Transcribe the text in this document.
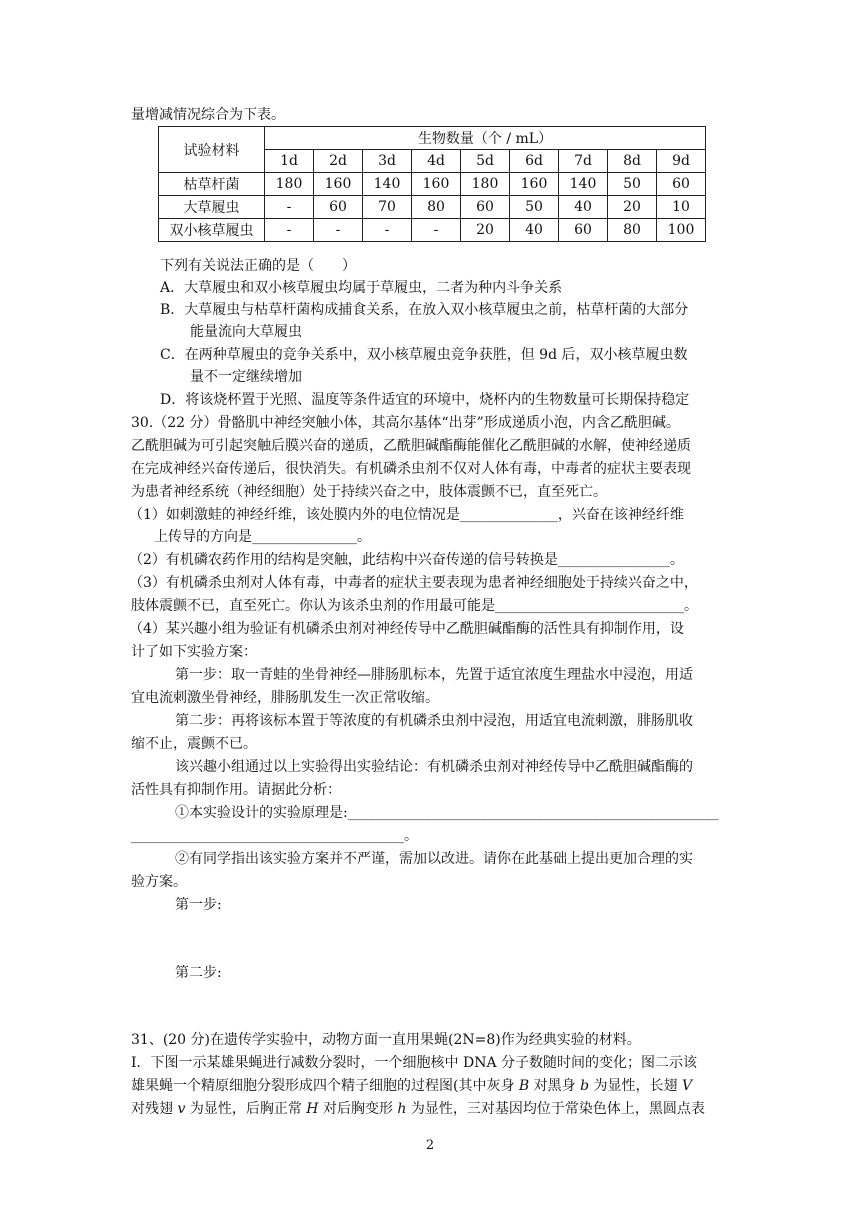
量增减情况综合为下表。
试验材料	生物数量（个 / mL）								
	1d	2d	3d	4d	5d	6d	7d	8d	9d
枯草杆菌	180	160	140	160	180	160	140	50	60
大草履虫	-	60	70	80	60	50	40	20	10
双小核草履虫	-	-	-	-	20	40	60	80	100
下列有关说法正确的是（　　）
A．大草履虫和双小核草履虫均属于草履虫，二者为种内斗争关系
B．大草履虫与枯草杆菌构成捕食关系，在放入双小核草履虫之前，枯草杆菌的大部分
能量流向大草履虫
C．在两种草履虫的竞争关系中，双小核草履虫竞争获胜，但 9d 后，双小核草履虫数
量不一定继续增加
D．将该烧杯置于光照、温度等条件适宜的环境中，烧杯内的生物数量可长期保持稳定
30.（22 分）骨骼肌中神经突触小体，其高尔基体“出芽”形成递质小泡，内含乙酰胆碱。
乙酰胆碱为可引起突触后膜兴奋的递质，乙酰胆碱酯酶能催化乙酰胆碱的水解，使神经递质
在完成神经兴奋传递后，很快消失。有机磷杀虫剂不仅对人体有毒，中毒者的症状主要表现
为患者神经系统（神经细胞）处于持续兴奋之中，肢体震颤不已，直至死亡。
（1）如刺激蛙的神经纤维，该处膜内外的电位情况是______________，兴奋在该神经纤维
上传导的方向是_______________。
（2）有机磷农药作用的结构是突触，此结构中兴奋传递的信号转换是________________。
（3）有机磷杀虫剂对人体有毒，中毒者的症状主要表现为患者神经细胞处于持续兴奋之中，
肢体震颤不已，直至死亡。你认为该杀虫剂的作用最可能是___________________________。
（4）某兴趣小组为验证有机磷杀虫剂对神经传导中乙酰胆碱酯酶的活性具有抑制作用，设
计了如下实验方案：
第一步：取一青蛙的坐骨神经—腓肠肌标本，先置于适宜浓度生理盐水中浸泡，用适
宜电流刺激坐骨神经，腓肠肌发生一次正常收缩。
第二步：再将该标本置于等浓度的有机磷杀虫剂中浸泡，用适宜电流刺激，腓肠肌收
缩不止，震颤不已。
该兴趣小组通过以上实验得出实验结论：有机磷杀虫剂对神经传导中乙酰胆碱酯酶的
活性具有抑制作用。请据此分析：
①本实验设计的实验原理是:_____________________________________________________
_______________________________________。
②有同学指出该实验方案并不严谨，需加以改进。请你在此基础上提出更加合理的实
验方案。
第一步:
第二步:
31、(20 分)在遗传学实验中，动物方面一直用果蝇(2N=8)作为经典实验的材料。
Ⅰ．下图一示某雄果蝇进行减数分裂时，一个细胞核中 DNA 分子数随时间的变化；图二示该
雄果蝇一个精原细胞分裂形成四个精子细胞的过程图(其中灰身 B 对黑身 b 为显性，长翅 V
对残翅 v 为显性，后胸正常 H 对后胸变形 h 为显性，三对基因均位于常染色体上，黑圆点表
2
